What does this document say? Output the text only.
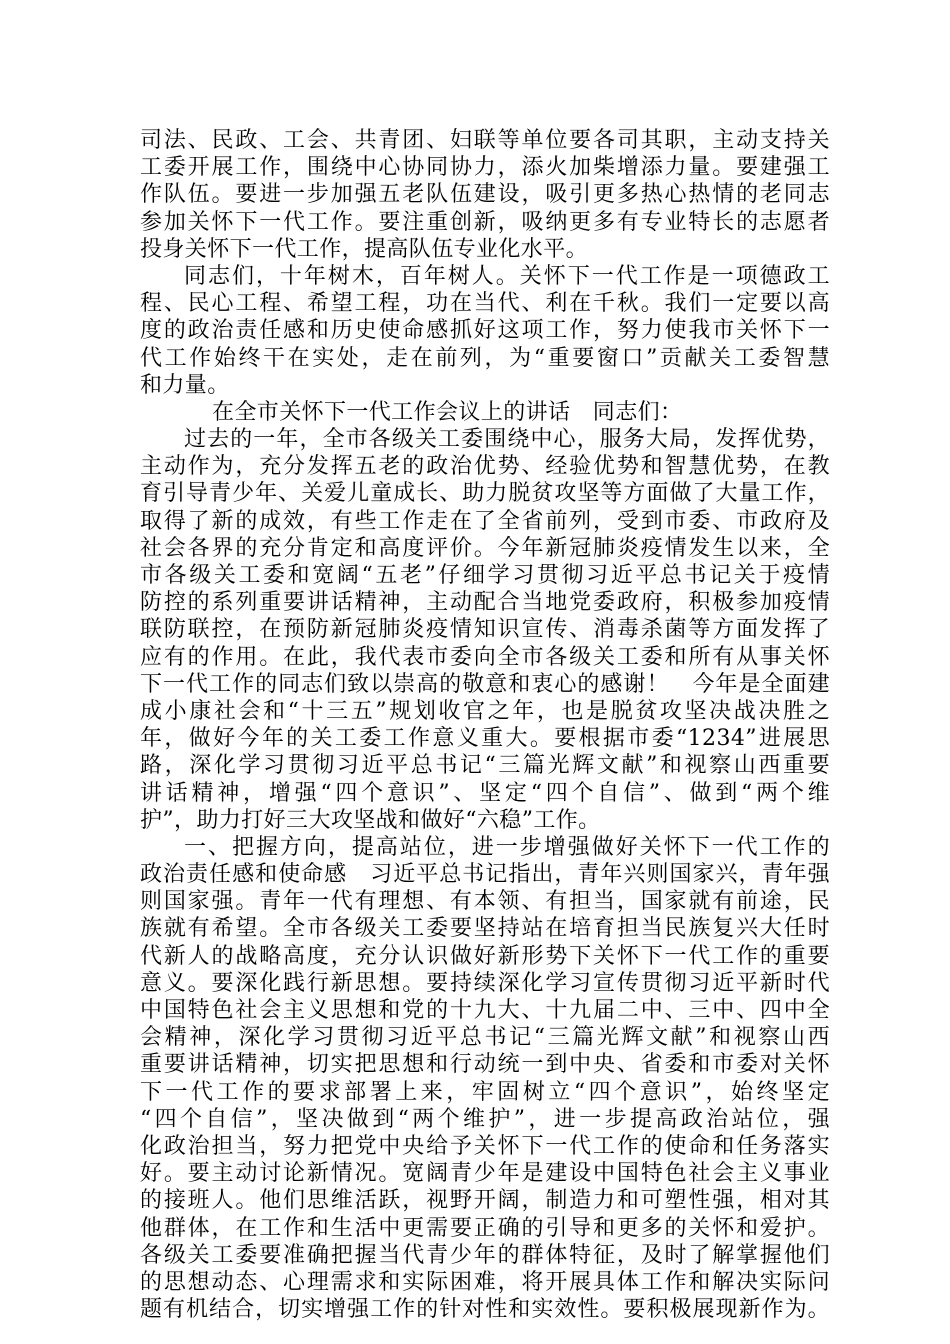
司法、民政、工会、共青团、妇联等单位要各司其职，主动支持关
工委开展工作，围绕中心协同协力，添火加柴增添力量。要建强工
作队伍。要进一步加强五老队伍建设，吸引更多热心热情的老同志
参加关怀下一代工作。要注重创新，吸纳更多有专业特长的志愿者
投身关怀下一代工作，提高队伍专业化水平。
同志们，十年树木，百年树人。关怀下一代工作是一项德政工
程、民心工程、希望工程，功在当代、利在千秋。我们一定要以高
度的政治责任感和历史使命感抓好这项工作，努力使我市关怀下一
代工作始终干在实处，走在前列，为“重要窗口”贡献关工委智慧
和力量。
在全市关怀下一代工作会议上的讲话　同志们：
过去的一年，全市各级关工委围绕中心，服务大局，发挥优势，
主动作为，充分发挥五老的政治优势、经验优势和智慧优势，在教
育引导青少年、关爱儿童成长、助力脱贫攻坚等方面做了大量工作，
取得了新的成效，有些工作走在了全省前列，受到市委、市政府及
社会各界的充分肯定和高度评价。今年新冠肺炎疫情发生以来，全
市各级关工委和宽阔“五老”仔细学习贯彻习近平总书记关于疫情
防控的系列重要讲话精神，主动配合当地党委政府，积极参加疫情
联防联控，在预防新冠肺炎疫情知识宣传、消毒杀菌等方面发挥了
应有的作用。在此，我代表市委向全市各级关工委和所有从事关怀
下一代工作的同志们致以崇高的敬意和衷心的感谢！　今年是全面建
成小康社会和“十三五”规划收官之年，也是脱贫攻坚决战决胜之
年，做好今年的关工委工作意义重大。要根据市委“1234”进展思
路，深化学习贯彻习近平总书记“三篇光辉文献”和视察山西重要
讲话精神，增强“四个意识”、坚定“四个自信”、做到“两个维
护”，助力打好三大攻坚战和做好“六稳”工作。
一、把握方向，提高站位，进一步增强做好关怀下一代工作的
政治责任感和使命感　习近平总书记指出，青年兴则国家兴，青年强
则国家强。青年一代有理想、有本领、有担当，国家就有前途，民
族就有希望。全市各级关工委要坚持站在培育担当民族复兴大任时
代新人的战略高度，充分认识做好新形势下关怀下一代工作的重要
意义。要深化践行新思想。要持续深化学习宣传贯彻习近平新时代
中国特色社会主义思想和党的十九大、十九届二中、三中、四中全
会精神，深化学习贯彻习近平总书记“三篇光辉文献”和视察山西
重要讲话精神，切实把思想和行动统一到中央、省委和市委对关怀
下一代工作的要求部署上来，牢固树立“四个意识”，始终坚定
“四个自信”，坚决做到“两个维护”，进一步提高政治站位，强
化政治担当，努力把党中央给予关怀下一代工作的使命和任务落实
好。要主动讨论新情况。宽阔青少年是建设中国特色社会主义事业
的接班人。他们思维活跃，视野开阔，制造力和可塑性强，相对其
他群体，在工作和生活中更需要正确的引导和更多的关怀和爱护。
各级关工委要准确把握当代青少年的群体特征，及时了解掌握他们
的思想动态、心理需求和实际困难，将开展具体工作和解决实际问
题有机结合，切实增强工作的针对性和实效性。要积极展现新作为。
